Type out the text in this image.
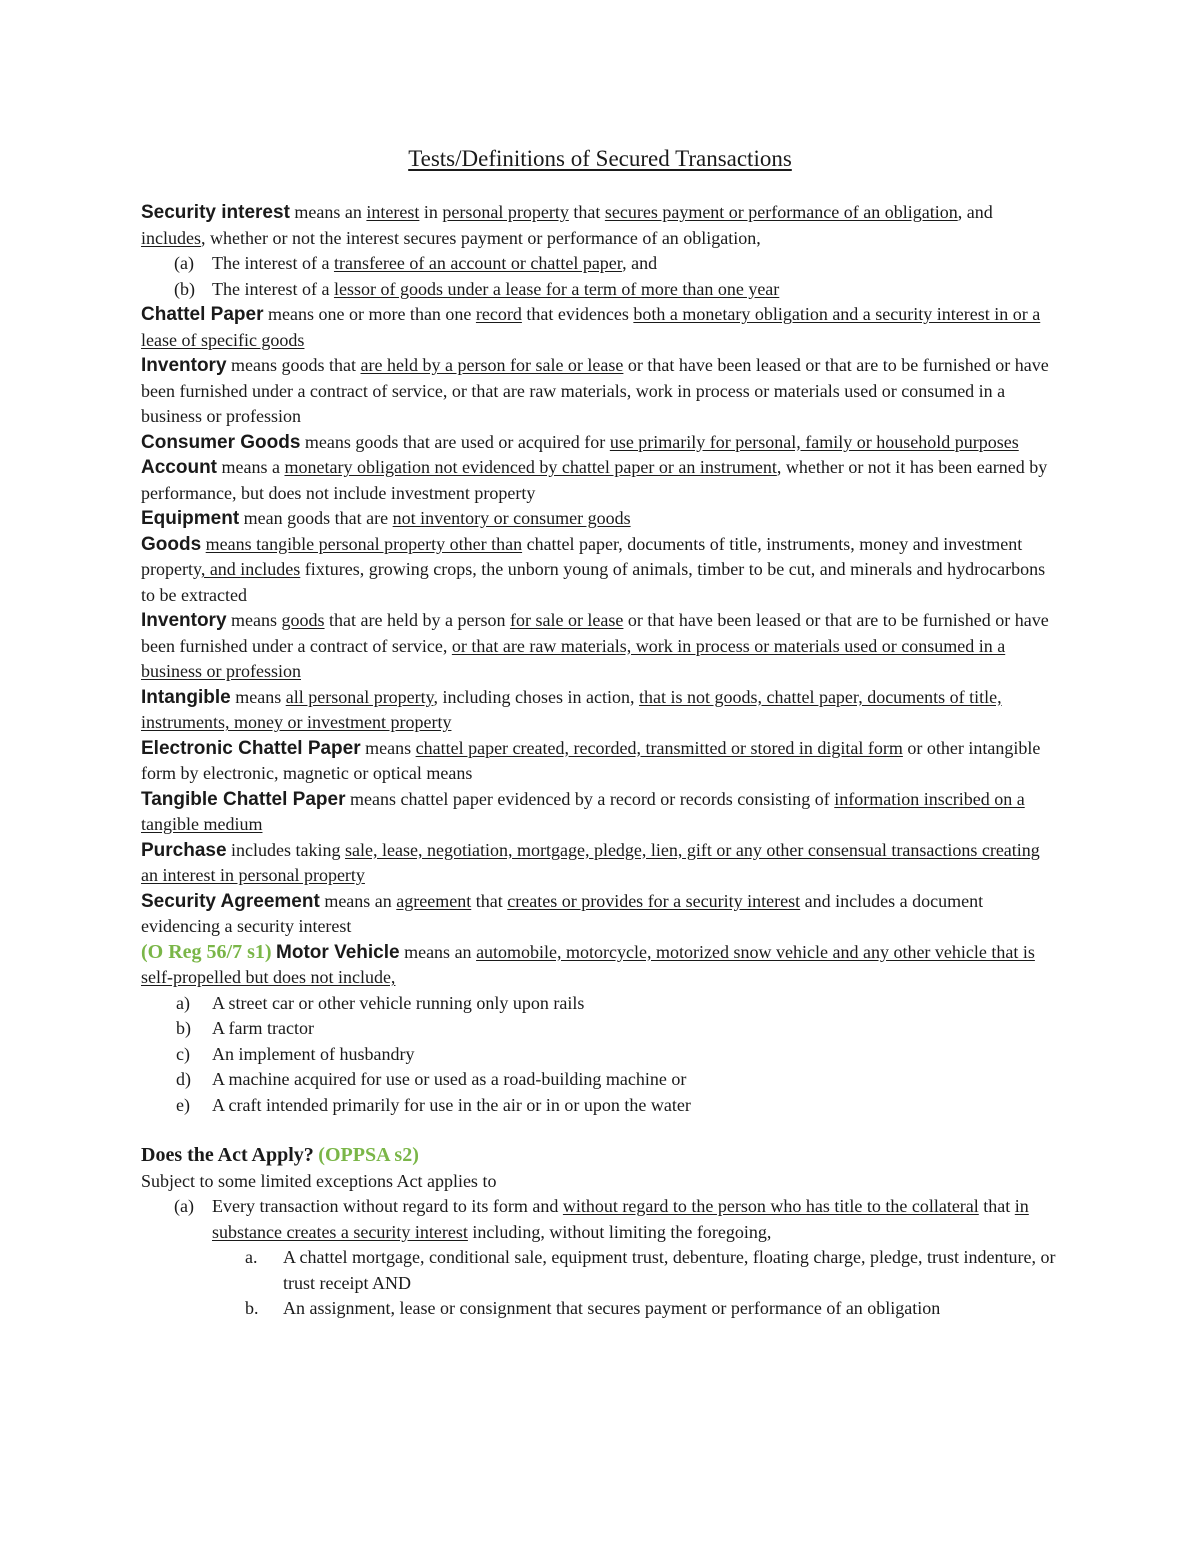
Tests/Definitions of Secured Transactions

Security interest means an interest in personal property that secures payment or performance of an obligation, and includes, whether or not the interest secures payment or performance of an obligation,

(a) The interest of a transferee of an account or chattel paper, and

(b) The interest of a lessor of goods under a lease for a term of more than one year

Chattel Paper means one or more than one record that evidences both a monetary obligation and a security interest in or a lease of specific goods

Inventory means goods that are held by a person for sale or lease or that have been leased or that are to be furnished or have been furnished under a contract of service, or that are raw materials, work in process or materials used or consumed in a business or profession

Consumer Goods means goods that are used or acquired for use primarily for personal, family or household purposes

Account means a monetary obligation not evidenced by chattel paper or an instrument, whether or not it has been earned by performance, but does not include investment property

Equipment mean goods that are not inventory or consumer goods

Goods means tangible personal property other than chattel paper, documents of title, instruments, money and investment property, and includes fixtures, growing crops, the unborn young of animals, timber to be cut, and minerals and hydrocarbons to be extracted

Inventory means goods that are held by a person for sale or lease or that have been leased or that are to be furnished or have been furnished under a contract of service, or that are raw materials, work in process or materials used or consumed in a business or profession

Intangible means all personal property, including choses in action, that is not goods, chattel paper, documents of title, instruments, money or investment property

Electronic Chattel Paper means chattel paper created, recorded, transmitted or stored in digital form or other intangible form by electronic, magnetic or optical means

Tangible Chattel Paper means chattel paper evidenced by a record or records consisting of information inscribed on a tangible medium

Purchase includes taking sale, lease, negotiation, mortgage, pledge, lien, gift or any other consensual transactions creating an interest in personal property

Security Agreement means an agreement that creates or provides for a security interest and includes a document evidencing a security interest

(O Reg 56/7 s1) Motor Vehicle means an automobile, motorcycle, motorized snow vehicle and any other vehicle that is self-propelled but does not include,

a) A street car or other vehicle running only upon rails

b) A farm tractor

c) An implement of husbandry

d) A machine acquired for use or used as a road-building machine or

e) A craft intended primarily for use in the air or in or upon the water

Does the Act Apply? (OPPSA s2)

Subject to some limited exceptions Act applies to

(a) Every transaction without regard to its form and without regard to the person who has title to the collateral that in substance creates a security interest including, without limiting the foregoing,

a. A chattel mortgage, conditional sale, equipment trust, debenture, floating charge, pledge, trust indenture, or trust receipt AND

b. An assignment, lease or consignment that secures payment or performance of an obligation
